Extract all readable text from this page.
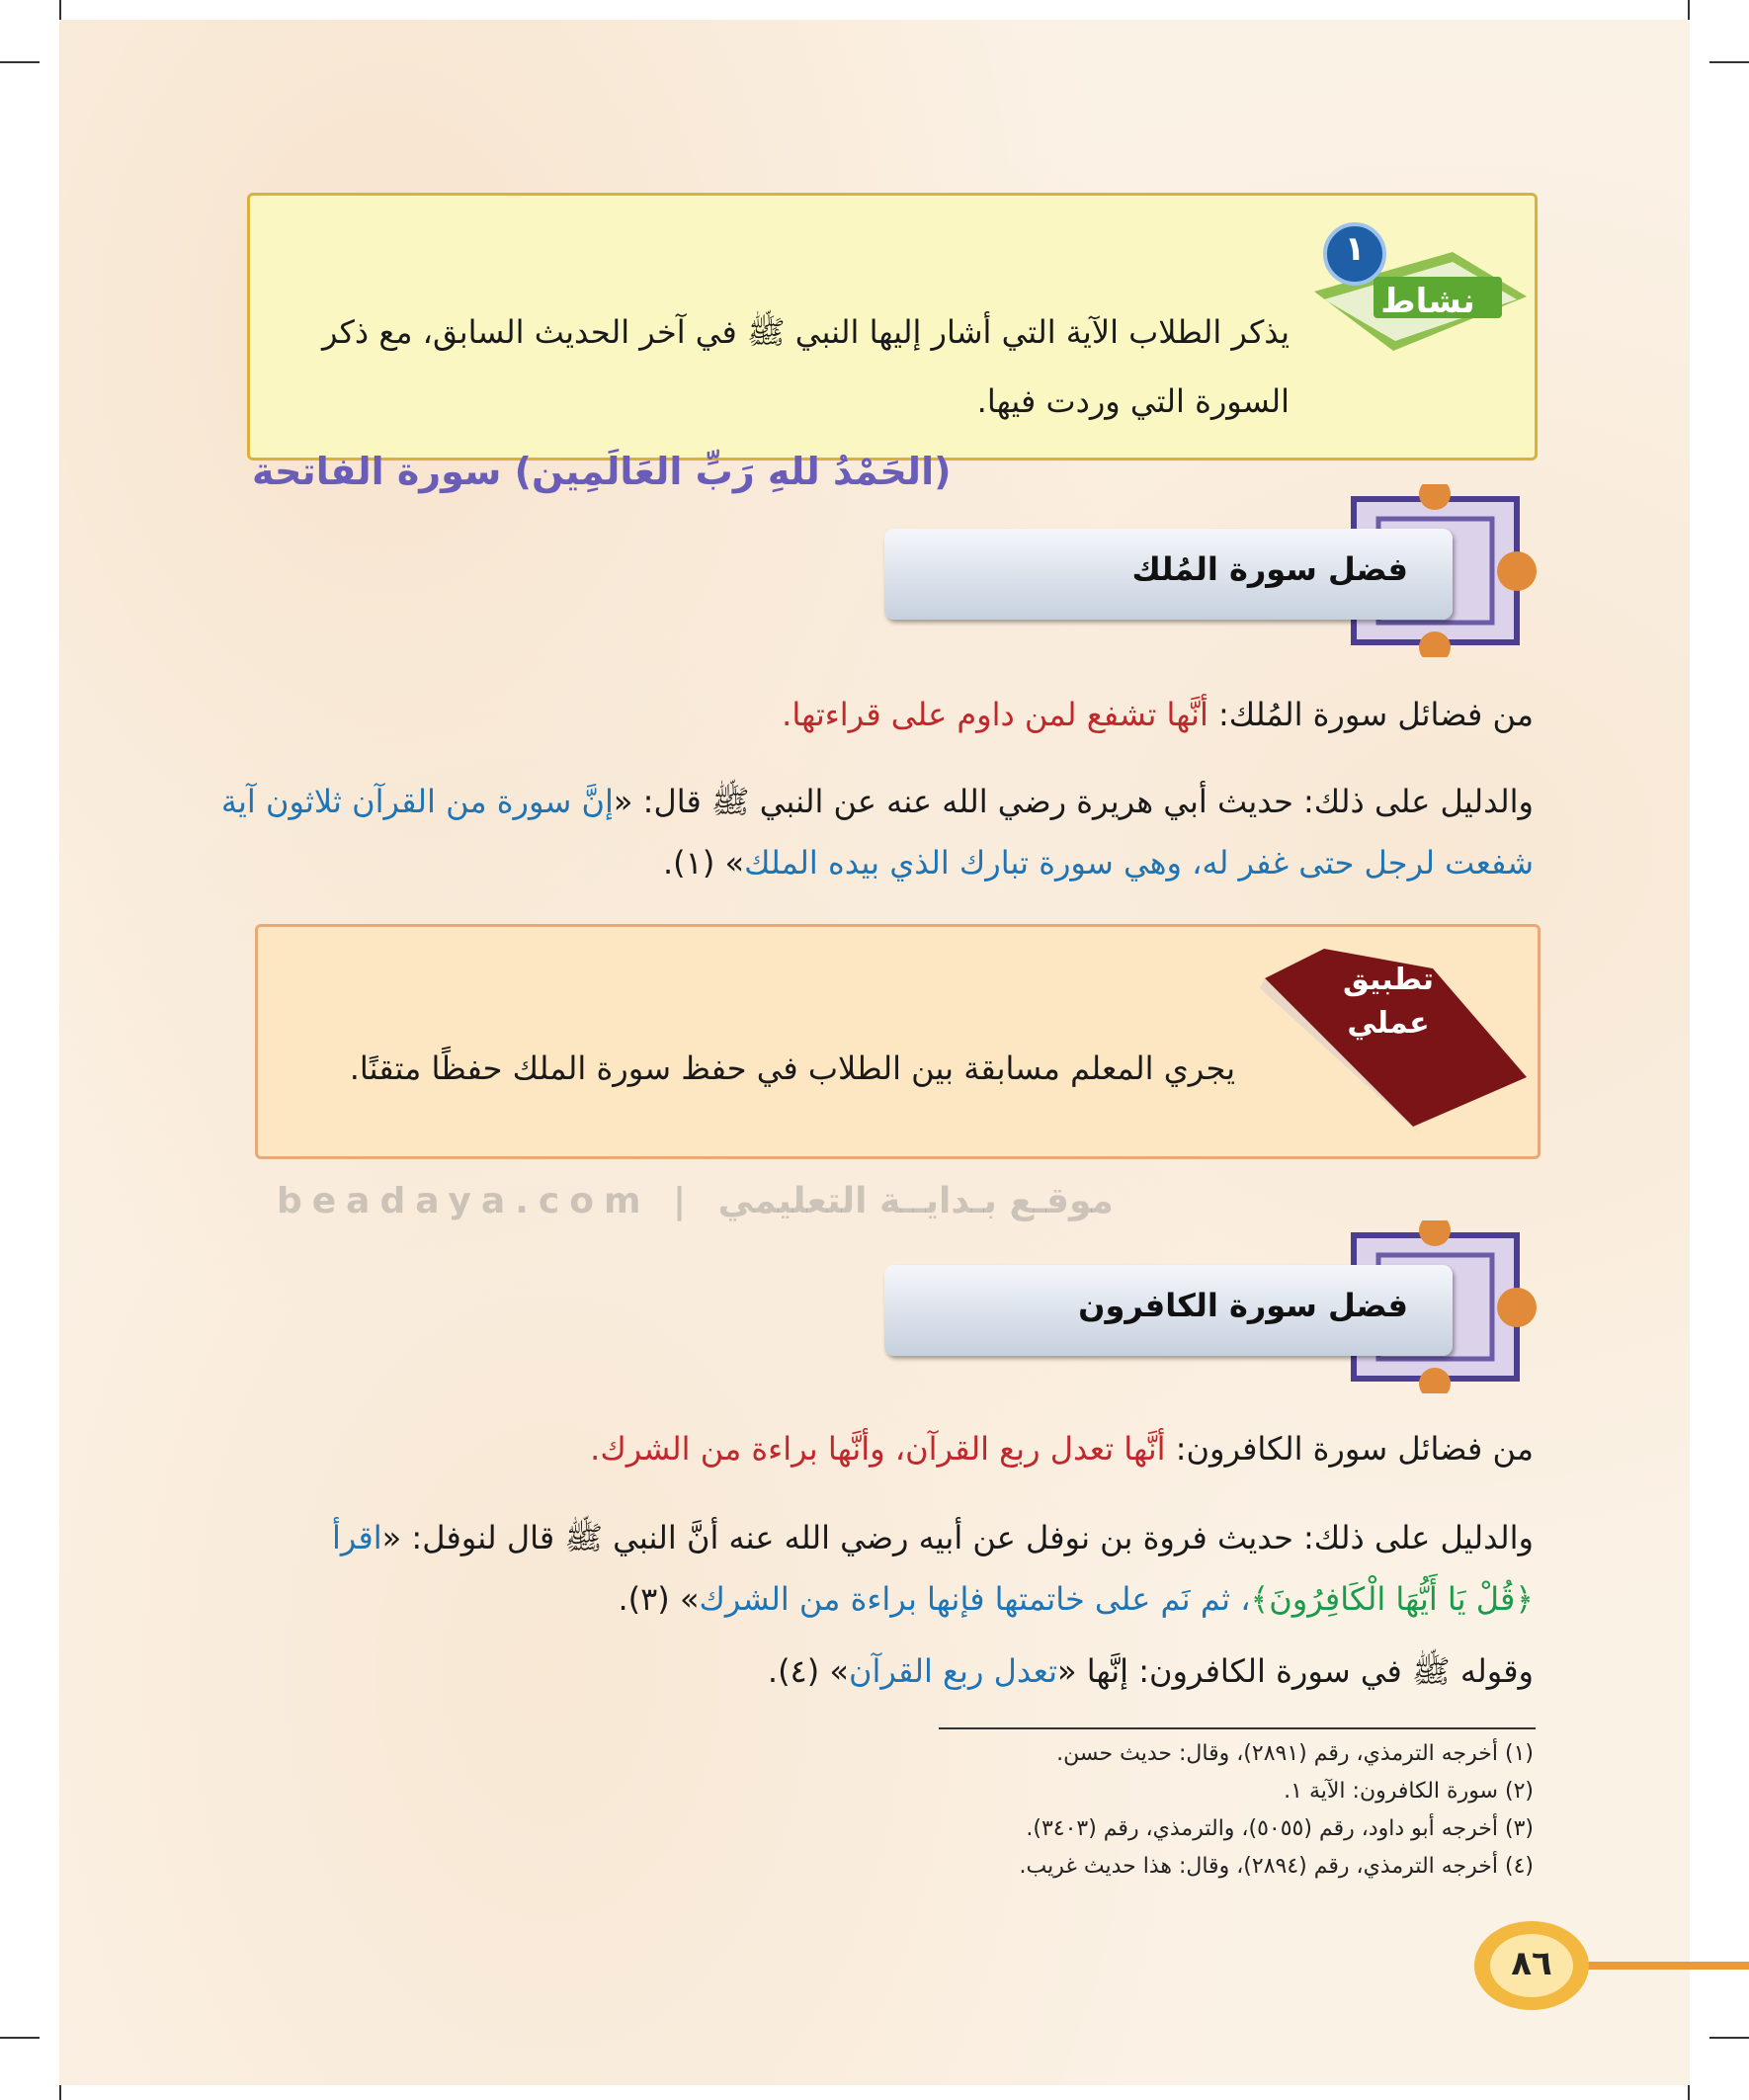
نشاط
١
يذكر الطلاب الآية التي أشار إليها النبي ﷺ في آخر الحديث السابق، مع ذكر
السورة التي وردت فيها.
(الحَمْدُ للهِ رَبِّ العَالَمِين) سورة الفاتحة
فضل سورة المُلك
من فضائل سورة المُلك: أنَّها تشفع لمن داوم على قراءتها.
والدليل على ذلك: حديث أبي هريرة رضي الله عنه عن النبي ﷺ قال: «إنَّ سورة من القرآن ثلاثون آية
شفعت لرجل حتى غفر له، وهي سورة تبارك الذي بيده الملك» (١).
تطبيق
عملي
يجري المعلم مسابقة بين الطلاب في حفظ سورة الملك حفظًا متقنًا.
beadaya.com | موقـع بـدايــة التعليمي
فضل سورة الكافرون
من فضائل سورة الكافرون: أنَّها تعدل ربع القرآن، وأنَّها براءة من الشرك.
والدليل على ذلك: حديث فروة بن نوفل عن أبيه رضي الله عنه أنَّ النبي ﷺ قال لنوفل: «اقرأ
﴿قُلْ يَا أَيُّهَا الْكَافِرُونَ﴾، ثم نَم على خاتمتها فإنها براءة من الشرك» (٣).
وقوله ﷺ في سورة الكافرون: إنَّها «تعدل ربع القرآن» (٤).
(١) أخرجه الترمذي، رقم (٢٨٩١)، وقال: حديث حسن.
(٢) سورة الكافرون: الآية ١.
(٣) أخرجه أبو داود، رقم (٥٠٥٥)، والترمذي، رقم (٣٤٠٣).
(٤) أخرجه الترمذي، رقم (٢٨٩٤)، وقال: هذا حديث غريب.
٨٦
